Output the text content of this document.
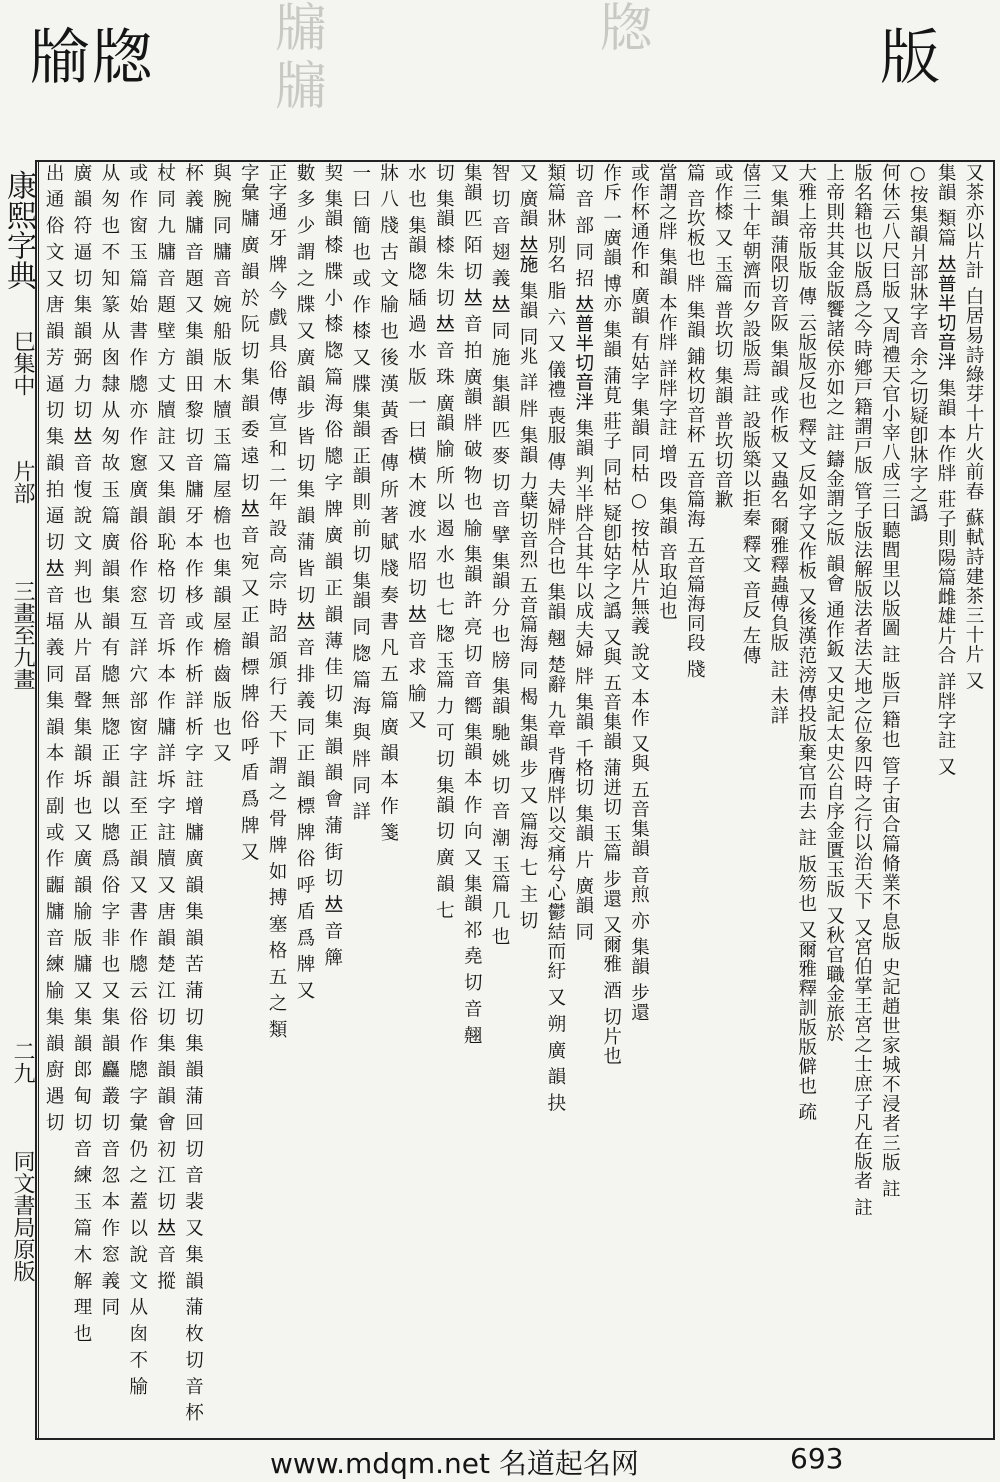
牏牎	版
牖
牖
牎
康熙字典
巳集中
片部
三畫至九畫
二九
同文書局原版
又茶亦以片計 白居易詩綠芽十片火前春 蘇軾詩建茶三十片 又
集韻 類篇 𠀤普半切音泮 集韻 本作牉 莊子則陽篇雌雄片合 詳牉字註 又
○按集韻爿部牀字音 余之切疑卽牀字之譌
何休云八尺曰版 又周禮天官小宰八成三曰聽閭里以版圖 註 版戸籍也 管子宙合篇脩業不息版 史記趙世家城不浸者三版 註
版名籍也以版爲之今時鄕戸籍謂戸版 管子版法解版法者法天地之位象四時之行以治天下 又宮伯掌王宮之士庶子凡在版者 註
上帝則共其金版饗諸侯亦如之 註 鑄金謂之版 韻會 通作鈑 又史記太史公自序金匱玉版 又秋官職金旅於
大雅上帝版版 傳 云版版反也 釋文 反如字又作板 又後漢范滂傳投版棄官而去 註 版笏也 又爾雅釋訓版版僻也 疏
又 集韻 蒲限切音阪 集韻 或作板 又蟲名 爾雅釋蟲傅負版 註 未詳
僖三十年朝濟而夕設版焉 註 設版築以拒秦 釋文 音反 左傳
或作㯃 又 玉篇 普坎切 集韻 普坎切音歉
篇 音坎板也 牉 集韻 鋪枚切音杯 五音篇海 五音篇海同段 牋
當謂之牉 集韻 本作牉 詳牉字註 增 㱼 集韻 音取迫也
或作杯通作和 廣韻 有姑字 集韻 同枯 ○ 按枯从片無義 說文 本作 又與 五音集韻 音煎 亦 集韻 步還
作斥 一廣韻 博亦 集韻 蒲莧 莊子 同枯 疑卽姑字之譌 又與 五音集韻 蒲迸切 玉篇 步還 又爾雅 酒 切片也
切 音 部 同 招 𠀤普半切音泮 集韻 判半牉合其牛以成夫婦 牉 集韻 千格切 集韻 片 廣韻 同
類篇 牀 別名 脂 六 又 儀禮 喪服 傳 夫婦牉合也 集韻 翹 楚辭 九章 背膺牉以交痛兮心鬱結而紆 又 朔 廣 韻 抉
又 廣韻 𠀤施 集韻 同兆 詳 牉 集韻 力蘖切音烈 五音篇海 同 楬 集韻 步 又 篇海 七 主 切
智 切 音 翅 義 𠀤 同 施 集韻 匹 麥 切 音 擘 集韻 分 也 牓 集韻 馳 姚 切 音 潮 玉篇 几 也
集韻 匹 陌 切 𠀤 音 拍 廣韻 牉 破 物 也 牏 集韻 許 亮 切 音 嚮 集韻 本 作 向 又 集韻 祁 堯 切 音 翹
切 集韻 㯃 朱 切 𠀤 音 珠 廣韻 牏 所 以 遏 水 也 七 牎 玉篇 力 可 切 集韻 切 廣 韻 七
水 也 集韻 牎 牐 過 水 版 一 曰 橫 木 渡 水 牊 切 𠀤 音 求 牏 又
牀 八 牋 古 文 牏 也 後 漢 黃 香 傳 所 著 賦 牋 奏 書 凡 五 篇 廣 韻 本 作 箋
一 曰 簡 也 或 作 㯃 又 牒 集韻 正韻 則 前 切 集韻 同 牎 篇 海 與 牉 同 詳
契 集韻 㯃 牒 小 㯃 牎 篇 海 俗 牕 字 牌 廣 韻 正 韻 薄 佳 切 集 韻 韻 會 蒲 街 切 𠀤 音 簰
數 多 少 謂 之 牒 又 廣 韻 步 皆 切 集 韻 蒲 皆 切 𠀤 音 排 義 同 正 韻 標 牌 俗 呼 盾 爲 牌 又
正字通 牙 牌 今 戲 具 俗 傳 宣 和 二 年 設 高 宗 時 詔 頒 行 天 下 謂 之 骨 牌 如 搏 塞 格 五 之 類
字彙 牗 廣 韻 於 阮 切 集 韻 委 遠 切 𠀤 音 宛 又 正 韻 標 牌 俗 呼 盾 爲 牌 又
與 腕 同 牗 音 婉 船 版 木 牘 玉 篇 屋 檐 也 集 韻 屋 檐 齒 版 也 又
杯 義 牗 音 題 又 集 韻 田 黎 切 音 牗 牙 本 作 栘 或 作 析 詳 析 字 註 增 牗 廣 韻 集 韻 苦 蒲 切 集 韻 蒲 回 切 音 裴 又 集 韻 蒲 枚 切 音 杯
杖 同 九 牗 音 題 壁 方 丈 牘 註 又 集 韻 恥 格 切 音 坼 本 作 牗 詳 坼 字 註 牘 又 唐 韻 楚 江 切 集 韻 韻 會 初 江 切 𠀤 音 摐
或 作 窗 玉 篇 始 書 作 牕 亦 作 窻 廣 韻 俗 作 窓 互 詳 穴 部 窗 字 註 至 正 韻 又 書 作 牕 云 俗 作 牕 字 彙 仍 之 蓋 以 說 文 从 囱 不 牏
从 匆 也 不 知 篆 从 囪 隸 从 匆 故 玉 篇 廣 韻 集 韻 有 牕 無 牎 正 韻 以 牕 爲 俗 字 非 也 又 集 韻 麤 叢 切 音 忽 本 作 窓 義 同
廣 韻 符 逼 切 集 韻 弼 力 切 𠀤 音 愎 說 文 判 也 从 片 畐 聲 集 韻 坼 也 又 廣 韻 牏 版 牗 又 集 韻 郎 甸 切 音 練 玉 篇 木 解 理 也
出 通 俗 文 又 唐 韻 芳 逼 切 集 韻 拍 逼 切 𠀤 音 堛 義 同 集 韻 本 作 副 或 作 疈 牗 音 練 牏 集 韻 廚 遇 切
www.mdqm.net 名道起名网	693
